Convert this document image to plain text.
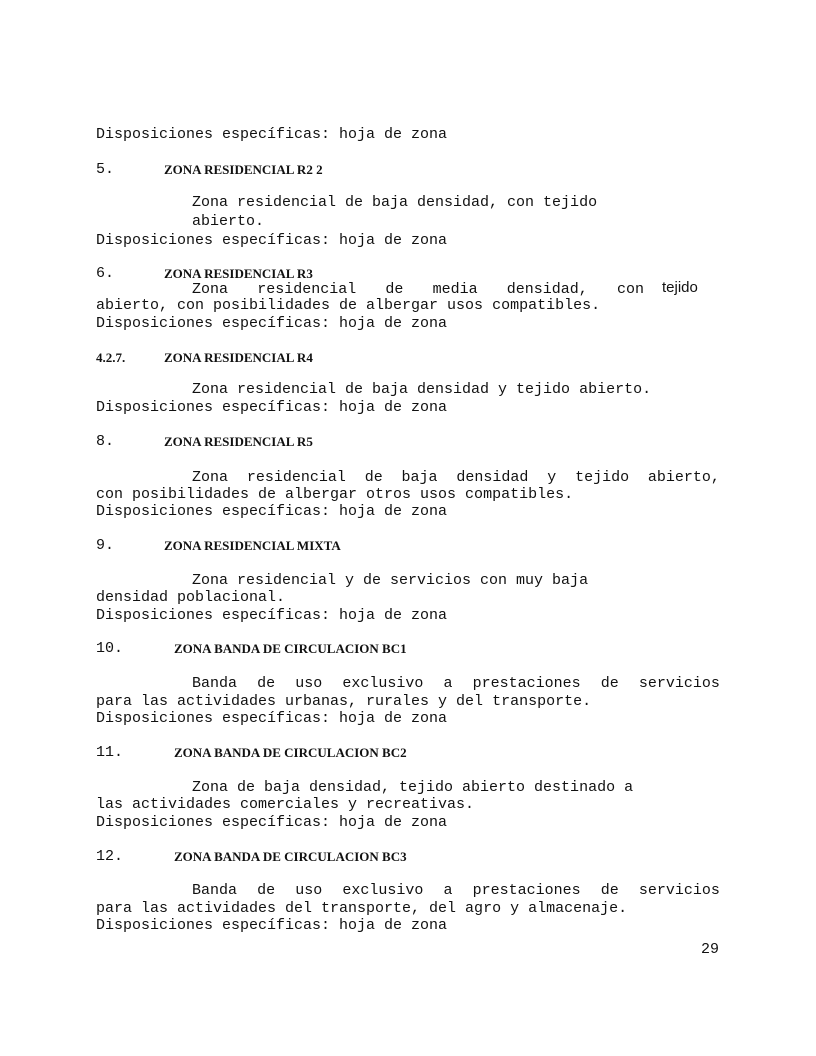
Disposiciones específicas: hoja de zona
5.	ZONA RESIDENCIAL R2 2
Zona residencial de baja densidad, con tejido
abierto.
Disposiciones específicas: hoja de zona
6.	ZONA RESIDENCIAL R3
Zona residencial de media densidad, con tejido
abierto, con posibilidades de albergar usos compatibles.
Disposiciones específicas: hoja de zona
4.2.7.	ZONA RESIDENCIAL R4
Zona residencial de baja densidad y tejido abierto.
Disposiciones específicas: hoja de zona
8.	ZONA RESIDENCIAL R5
Zona residencial de baja densidad y tejido abierto,
con posibilidades de albergar otros usos compatibles.
Disposiciones específicas: hoja de zona
9.	ZONA RESIDENCIAL MIXTA
Zona residencial y de servicios con muy baja
densidad poblacional.
Disposiciones específicas: hoja de zona
10.	ZONA BANDA DE CIRCULACION BC1
Banda de uso exclusivo a prestaciones de servicios
para las actividades urbanas, rurales y del transporte.
Disposiciones específicas: hoja de zona
11.	ZONA BANDA DE CIRCULACION BC2
Zona de baja densidad, tejido abierto destinado a
las actividades comerciales y recreativas.
Disposiciones específicas: hoja de zona
12.	ZONA BANDA DE CIRCULACION BC3
Banda de uso exclusivo a prestaciones de servicios
para las actividades del transporte, del agro y almacenaje.
Disposiciones específicas: hoja de zona
29
